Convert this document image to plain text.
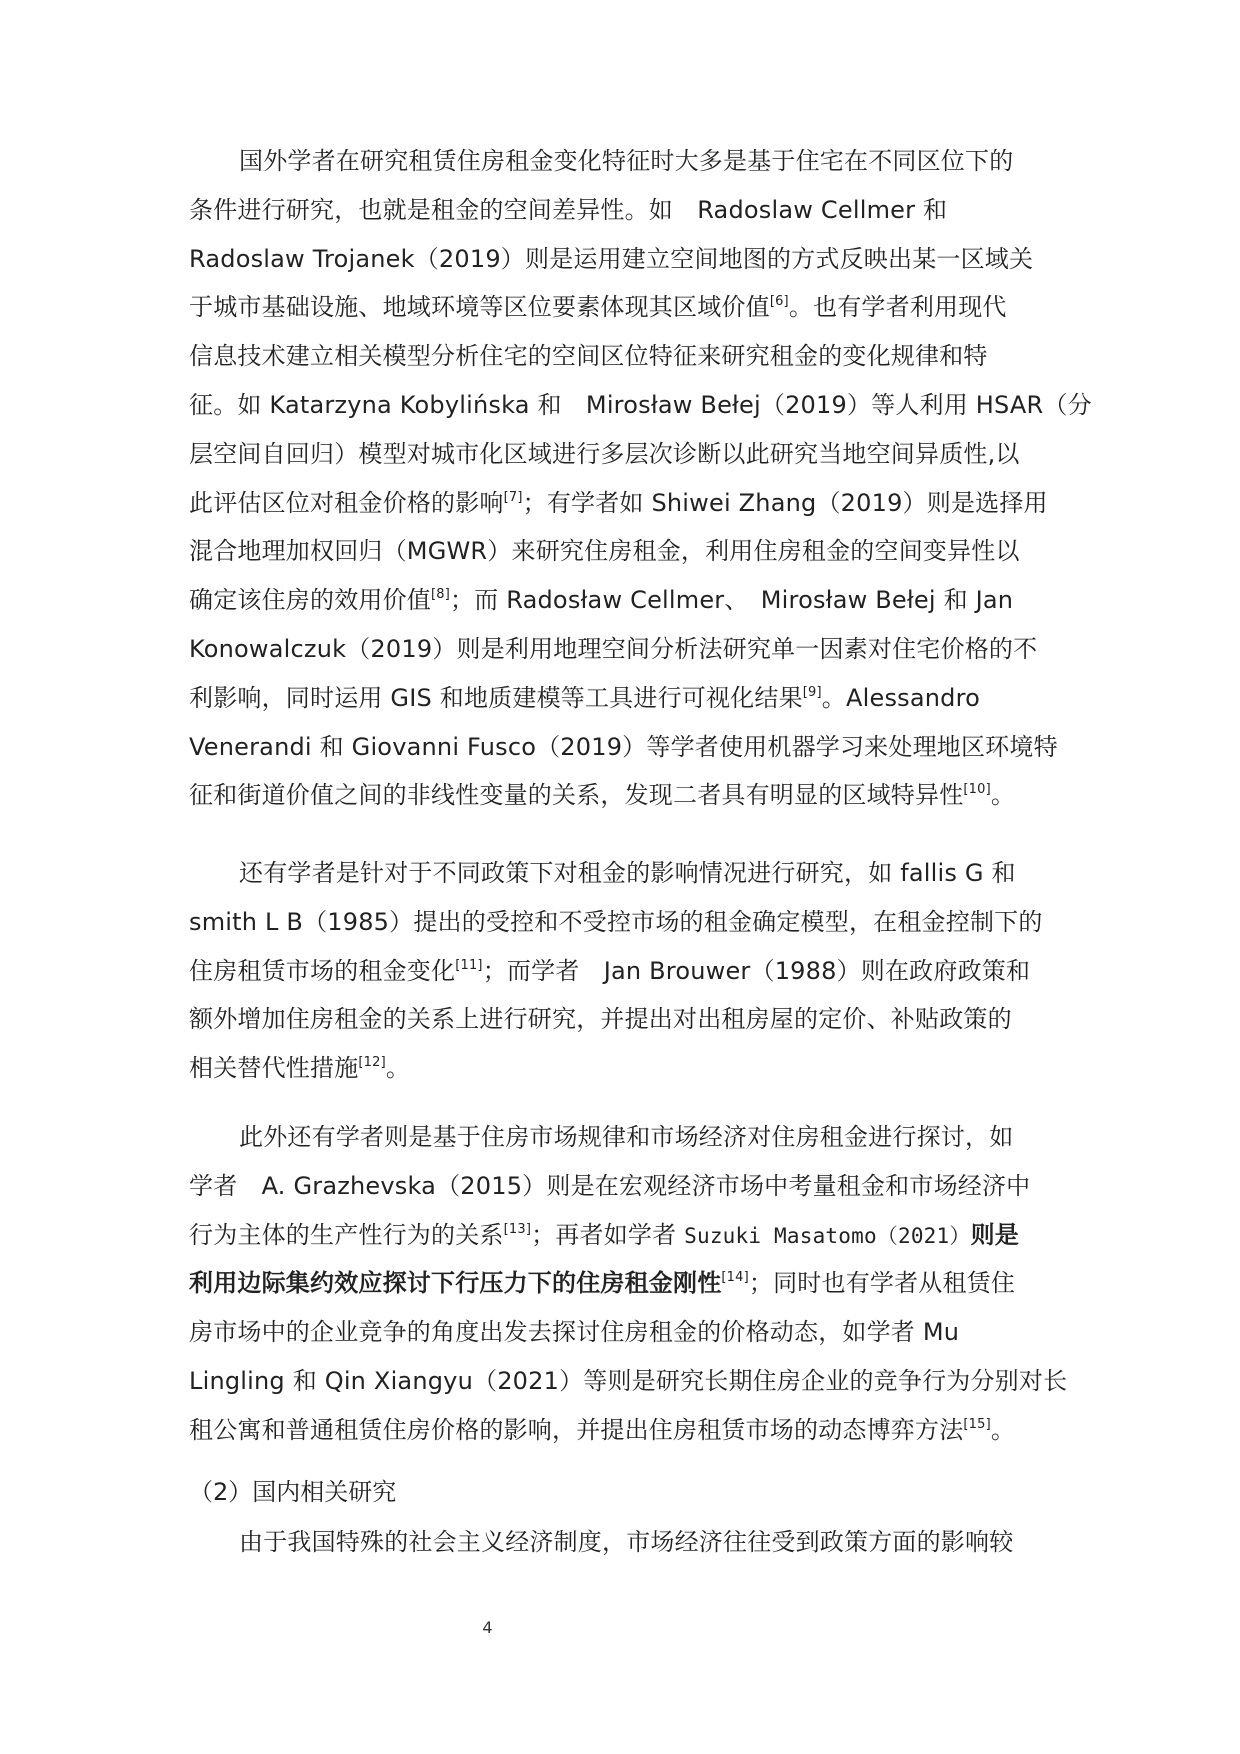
国外学者在研究租赁住房租金变化特征时大多是基于住宅在不同区位下的
条件进行研究，也就是租金的空间差异性。如　Radoslaw Cellmer 和
Radoslaw Trojanek（2019）则是运用建立空间地图的方式反映出某一区域关
于城市基础设施、地域环境等区位要素体现其区域价值[6]。也有学者利用现代
信息技术建立相关模型分析住宅的空间区位特征来研究租金的变化规律和特
征。如 Katarzyna Kobylińska 和　Mirosław Bełej（2019）等人利用 HSAR（分
层空间自回归）模型对城市化区域进行多层次诊断以此研究当地空间异质性,以
此评估区位对租金价格的影响[7]；有学者如 Shiwei Zhang（2019）则是选择用
混合地理加权回归（MGWR）来研究住房租金，利用住房租金的空间变异性以
确定该住房的效用价值[8]；而 Radosław Cellmer、　Mirosław Bełej 和 Jan
Konowalczuk（2019）则是利用地理空间分析法研究单一因素对住宅价格的不
利影响，同时运用 GIS 和地质建模等工具进行可视化结果[9]。Alessandro
Venerandi 和 Giovanni Fusco（2019）等学者使用机器学习来处理地区环境特
征和街道价值之间的非线性变量的关系，发现二者具有明显的区域特异性[10]。
还有学者是针对于不同政策下对租金的影响情况进行研究，如 fallis G 和
smith L B（1985）提出的受控和不受控市场的租金确定模型，在租金控制下的
住房租赁市场的租金变化[11]；而学者　Jan Brouwer（1988）则在政府政策和
额外增加住房租金的关系上进行研究，并提出对出租房屋的定价、补贴政策的
相关替代性措施[12]。
此外还有学者则是基于住房市场规律和市场经济对住房租金进行探讨，如
学者　A. Grazhevska（2015）则是在宏观经济市场中考量租金和市场经济中
行为主体的生产性行为的关系[13]；再者如学者 Suzuki Masatomo（2021）则是
利用边际集约效应探讨下行压力下的住房租金刚性[14]；同时也有学者从租赁住
房市场中的企业竞争的角度出发去探讨住房租金的价格动态，如学者 Mu
Lingling 和 Qin Xiangyu（2021）等则是研究长期住房企业的竞争行为分别对长
租公寓和普通租赁住房价格的影响，并提出住房租赁市场的动态博弈方法[15]。
（2）国内相关研究
由于我国特殊的社会主义经济制度，市场经济往往受到政策方面的影响较
4
